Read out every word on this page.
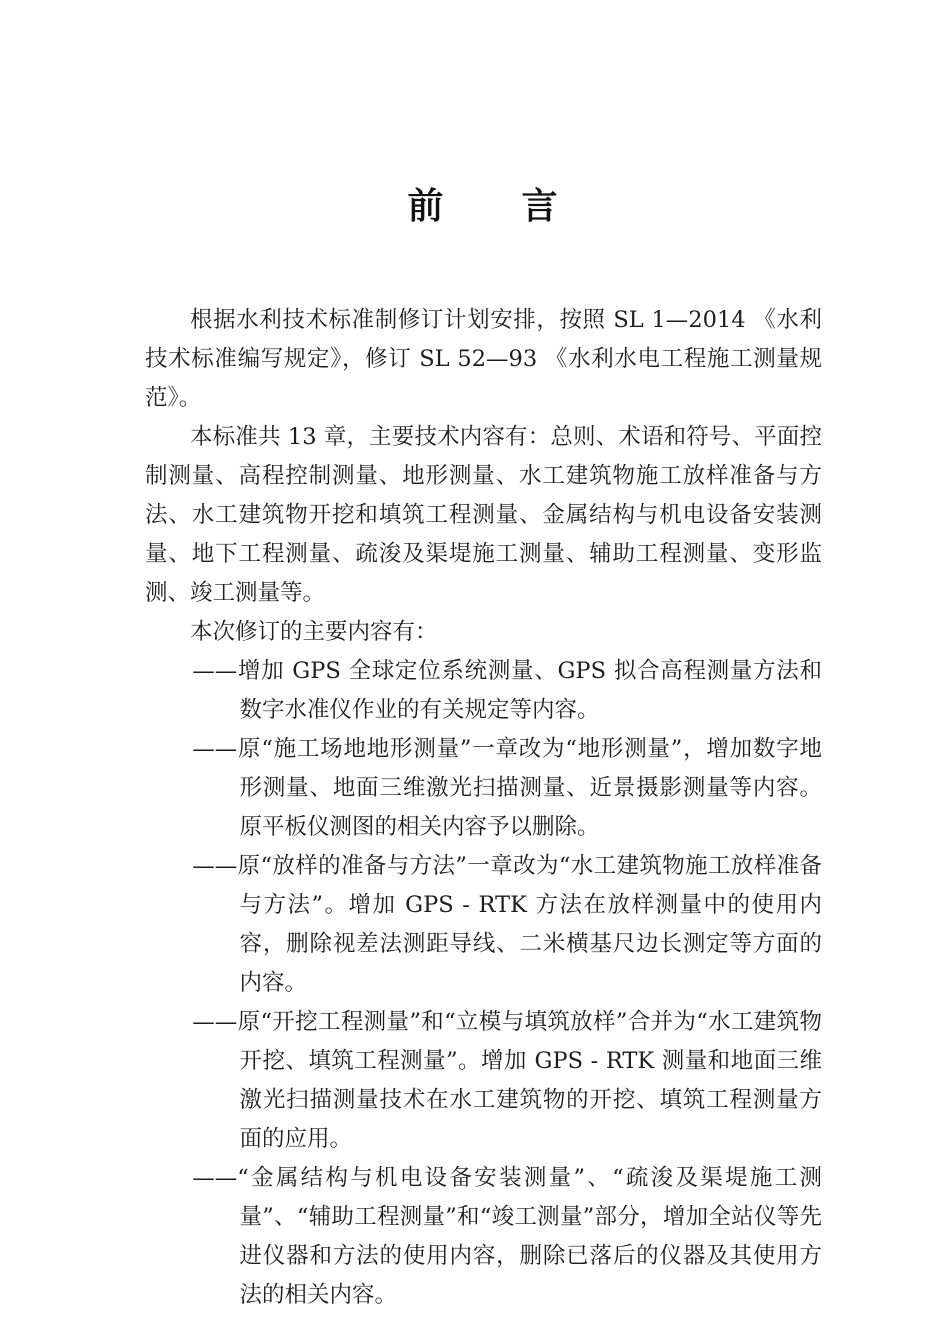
前　　言

根据水利技术标准制修订计划安排，按照 SL 1—2014 《水利技术标准编写规定》，修订 SL 52—93 《水利水电工程施工测量规范》。

本标准共 13 章，主要技术内容有：总则、术语和符号、平面控制测量、高程控制测量、地形测量、水工建筑物施工放样准备与方法、水工建筑物开挖和填筑工程测量、金属结构与机电设备安装测量、地下工程测量、疏浚及渠堤施工测量、辅助工程测量、变形监测、竣工测量等。

本次修订的主要内容有：

——增加 GPS 全球定位系统测量、GPS 拟合高程测量方法和数字水准仪作业的有关规定等内容。

——原“施工场地地形测量”一章改为“地形测量”，增加数字地形测量、地面三维激光扫描测量、近景摄影测量等内容。原平板仪测图的相关内容予以删除。

——原“放样的准备与方法”一章改为“水工建筑物施工放样准备与方法”。增加 GPS - RTK 方法在放样测量中的使用内容，删除视差法测距导线、二米横基尺边长测定等方面的内容。

——原“开挖工程测量”和“立模与填筑放样”合并为“水工建筑物开挖、填筑工程测量”。增加 GPS - RTK 测量和地面三维激光扫描测量技术在水工建筑物的开挖、填筑工程测量方面的应用。

——“金属结构与机电设备安装测量”、“疏浚及渠堤施工测量”、“辅助工程测量”和“竣工测量”部分，增加全站仪等先进仪器和方法的使用内容，删除已落后的仪器及其使用方法的相关内容。
